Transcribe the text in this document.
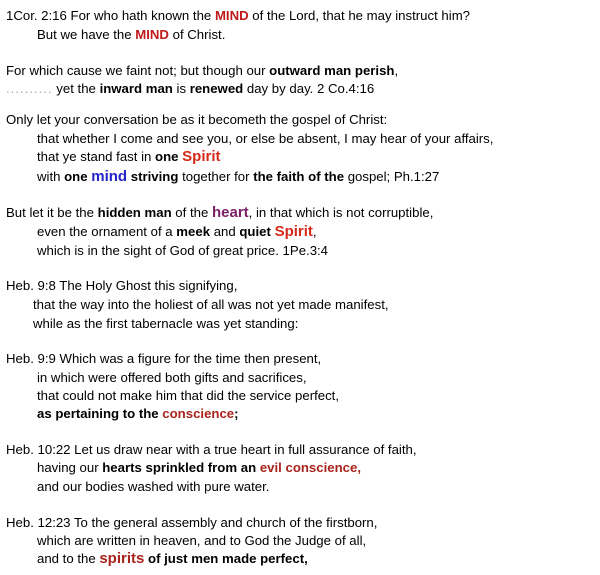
1Cor. 2:16 For who hath known the MIND of the Lord, that he may instruct him?
But we have the MIND of Christ.
For which cause we faint not; but though our outward man perish,
.......... yet the inward man is renewed day by day. 2 Co.4:16
Only let your conversation be as it becometh the gospel of Christ:
that whether I come and see you, or else be absent, I may hear of your affairs,
that ye stand fast in one Spirit
with one mind striving together for the faith of the gospel; Ph.1:27
But let it be the hidden man of the heart, in that which is not corruptible,
even the ornament of a meek and quiet Spirit,
which is in the sight of God of great price. 1Pe.3:4
Heb. 9:8 The Holy Ghost this signifying,
that the way into the holiest of all was not yet made manifest,
while as the first tabernacle was yet standing:
Heb. 9:9 Which was a figure for the time then present,
in which were offered both gifts and sacrifices,
that could not make him that did the service perfect,
as pertaining to the conscience;
Heb. 10:22 Let us draw near with a true heart in full assurance of faith,
having our hearts sprinkled from an evil conscience,
and our bodies washed with pure water.
Heb. 12:23 To the general assembly and church of the firstborn,
which are written in heaven, and to God the Judge of all,
and to the spirits of just men made perfect,
